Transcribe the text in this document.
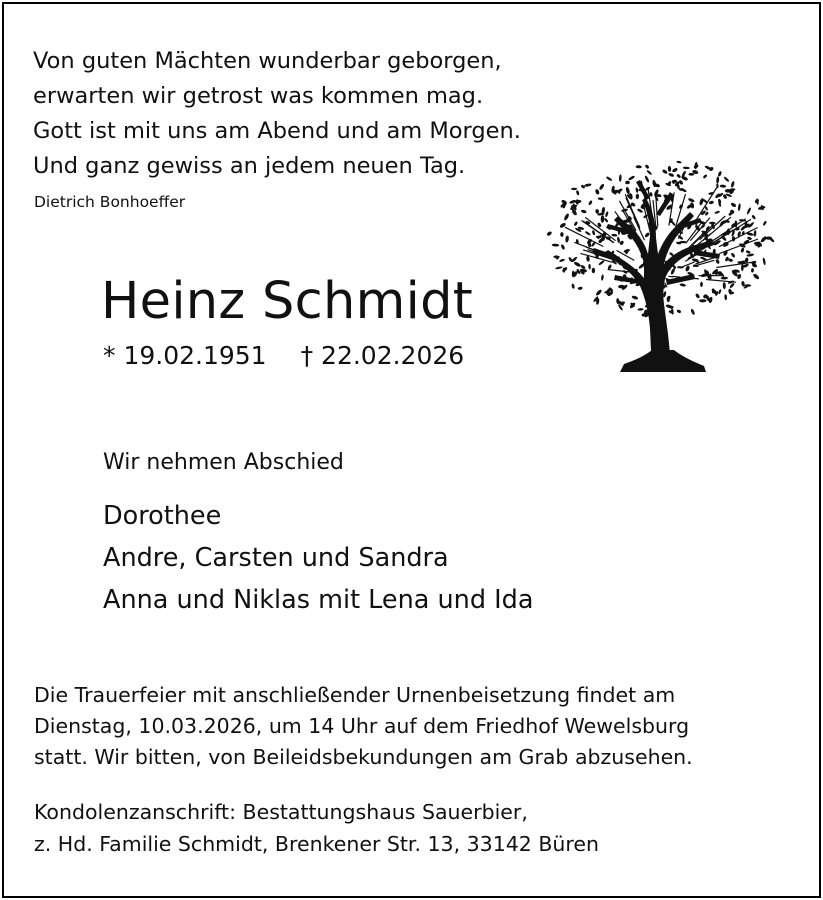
Von guten Mächten wunderbar geborgen,
erwarten wir getrost was kommen mag.
Gott ist mit uns am Abend und am Morgen.
Und ganz gewiss an jedem neuen Tag.
Dietrich Bonhoeffer
Heinz Schmidt
* 19.02.1951 † 22.02.2026
Wir nehmen Abschied
Dorothee
Andre, Carsten und Sandra
Anna und Niklas mit Lena und Ida
Die Trauerfeier mit anschließender Urnenbeisetzung findet am
Dienstag, 10.03.2026, um 14 Uhr auf dem Friedhof Wewelsburg
statt. Wir bitten, von Beileidsbekundungen am Grab abzusehen.
Kondolenzanschrift: Bestattungshaus Sauerbier,
z. Hd. Familie Schmidt, Brenkener Str. 13, 33142 Büren
